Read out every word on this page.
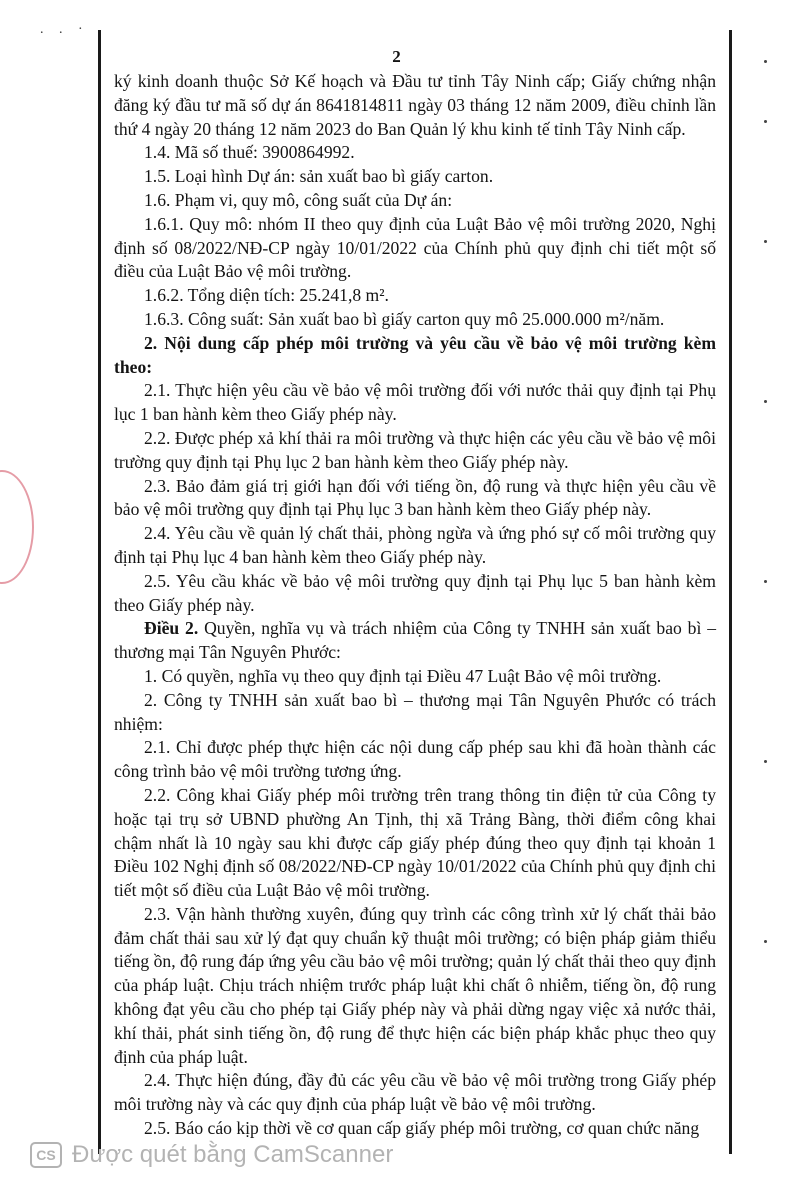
. . ·
2

ký kinh doanh thuộc Sở Kế hoạch và Đầu tư tỉnh Tây Ninh cấp; Giấy chứng nhận đăng ký đầu tư mã số dự án 8641814811 ngày 03 tháng 12 năm 2009, điều chỉnh lần thứ 4 ngày 20 tháng 12 năm 2023 do Ban Quản lý khu kinh tế tỉnh Tây Ninh cấp.

1.4. Mã số thuế: 3900864992.

1.5. Loại hình Dự án: sản xuất bao bì giấy carton.

1.6. Phạm vi, quy mô, công suất của Dự án:

1.6.1. Quy mô: nhóm II theo quy định của Luật Bảo vệ môi trường 2020, Nghị định số 08/2022/NĐ-CP ngày 10/01/2022 của Chính phủ quy định chi tiết một số điều của Luật Bảo vệ môi trường.

1.6.2. Tổng diện tích: 25.241,8 m².

1.6.3. Công suất: Sản xuất bao bì giấy carton quy mô 25.000.000 m²/năm.

2. Nội dung cấp phép môi trường và yêu cầu về bảo vệ môi trường kèm theo:

2.1. Thực hiện yêu cầu về bảo vệ môi trường đối với nước thải quy định tại Phụ lục 1 ban hành kèm theo Giấy phép này.

2.2. Được phép xả khí thải ra môi trường và thực hiện các yêu cầu về bảo vệ môi trường quy định tại Phụ lục 2 ban hành kèm theo Giấy phép này.

2.3. Bảo đảm giá trị giới hạn đối với tiếng ồn, độ rung và thực hiện yêu cầu về bảo vệ môi trường quy định tại Phụ lục 3 ban hành kèm theo Giấy phép này.

2.4. Yêu cầu về quản lý chất thải, phòng ngừa và ứng phó sự cố môi trường quy định tại Phụ lục 4 ban hành kèm theo Giấy phép này.

2.5. Yêu cầu khác về bảo vệ môi trường quy định tại Phụ lục 5 ban hành kèm theo Giấy phép này.

Điều 2. Quyền, nghĩa vụ và trách nhiệm của Công ty TNHH sản xuất bao bì – thương mại Tân Nguyên Phước:

1. Có quyền, nghĩa vụ theo quy định tại Điều 47 Luật Bảo vệ môi trường.

2. Công ty TNHH sản xuất bao bì – thương mại Tân Nguyên Phước có trách nhiệm:

2.1. Chỉ được phép thực hiện các nội dung cấp phép sau khi đã hoàn thành các công trình bảo vệ môi trường tương ứng.

2.2. Công khai Giấy phép môi trường trên trang thông tin điện tử của Công ty hoặc tại trụ sở UBND phường An Tịnh, thị xã Trảng Bàng, thời điểm công khai chậm nhất là 10 ngày sau khi được cấp giấy phép đúng theo quy định tại khoản 1 Điều 102 Nghị định số 08/2022/NĐ-CP ngày 10/01/2022 của Chính phủ quy định chi tiết một số điều của Luật Bảo vệ môi trường.

2.3. Vận hành thường xuyên, đúng quy trình các công trình xử lý chất thải bảo đảm chất thải sau xử lý đạt quy chuẩn kỹ thuật môi trường; có biện pháp giảm thiểu tiếng ồn, độ rung đáp ứng yêu cầu bảo vệ môi trường; quản lý chất thải theo quy định của pháp luật. Chịu trách nhiệm trước pháp luật khi chất ô nhiễm, tiếng ồn, độ rung không đạt yêu cầu cho phép tại Giấy phép này và phải dừng ngay việc xả nước thải, khí thải, phát sinh tiếng ồn, độ rung để thực hiện các biện pháp khắc phục theo quy định của pháp luật.

2.4. Thực hiện đúng, đầy đủ các yêu cầu về bảo vệ môi trường trong Giấy phép môi trường này và các quy định của pháp luật về bảo vệ môi trường.

2.5. Báo cáo kịp thời về cơ quan cấp giấy phép môi trường, cơ quan chức năng

CS Được quét bằng CamScanner
